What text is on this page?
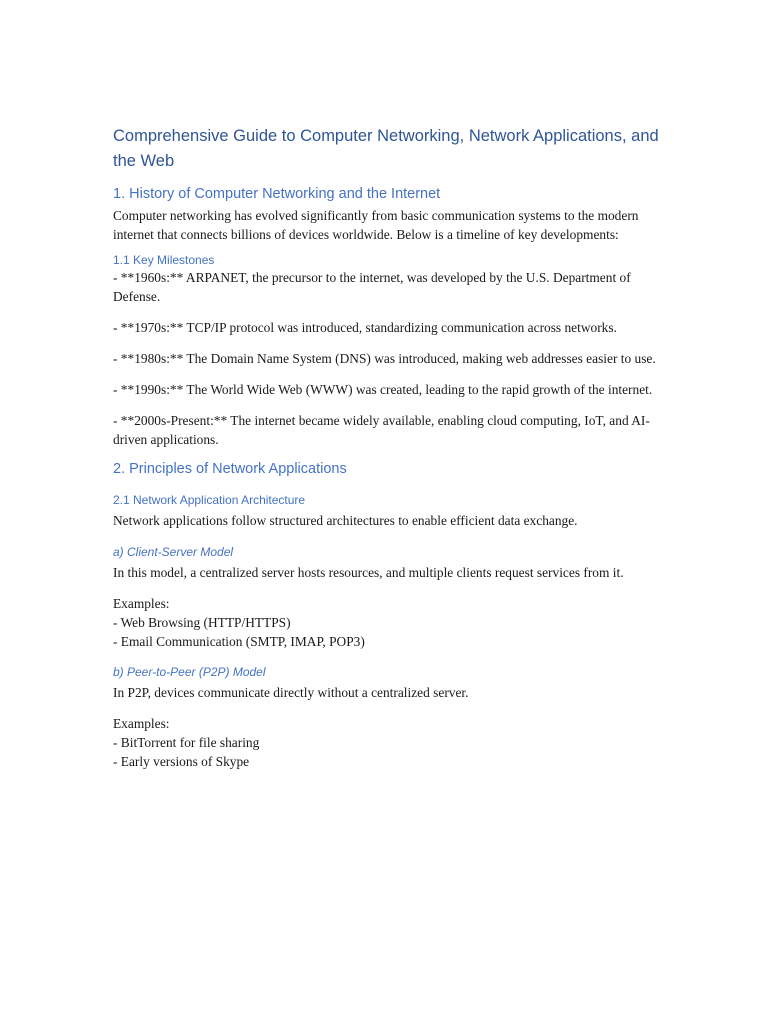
Comprehensive Guide to Computer Networking, Network Applications, and the Web
1. History of Computer Networking and the Internet
Computer networking has evolved significantly from basic communication systems to the modern internet that connects billions of devices worldwide. Below is a timeline of key developments:
1.1 Key Milestones
- **1960s:** ARPANET, the precursor to the internet, was developed by the U.S. Department of Defense.
- **1970s:** TCP/IP protocol was introduced, standardizing communication across networks.
- **1980s:** The Domain Name System (DNS) was introduced, making web addresses easier to use.
- **1990s:** The World Wide Web (WWW) was created, leading to the rapid growth of the internet.
- **2000s-Present:** The internet became widely available, enabling cloud computing, IoT, and AI-driven applications.
2. Principles of Network Applications
2.1 Network Application Architecture
Network applications follow structured architectures to enable efficient data exchange.
a) Client-Server Model
In this model, a centralized server hosts resources, and multiple clients request services from it.
Examples:
- Web Browsing (HTTP/HTTPS)
- Email Communication (SMTP, IMAP, POP3)
b) Peer-to-Peer (P2P) Model
In P2P, devices communicate directly without a centralized server.
Examples:
- BitTorrent for file sharing
- Early versions of Skype
